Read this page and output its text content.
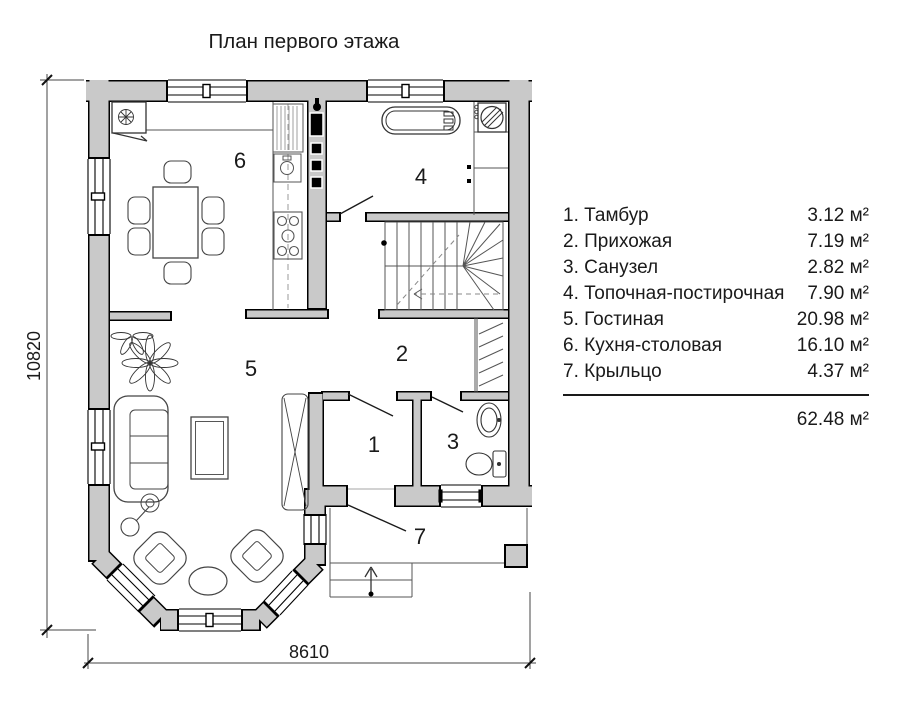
1
2
3
4
5
6
7
10820
8610
План первого этажа
1. Тамбур	3.12 м²
2. Прихожая	7.19 м²
3. Санузел	2.82 м²
4. Топочная-постирочная 7.90 м²
5. Гостиная	20.98 м²
6. Кухня-столовая	16.10 м²
7. Крыльцо	4.37 м²
62.48 м²
